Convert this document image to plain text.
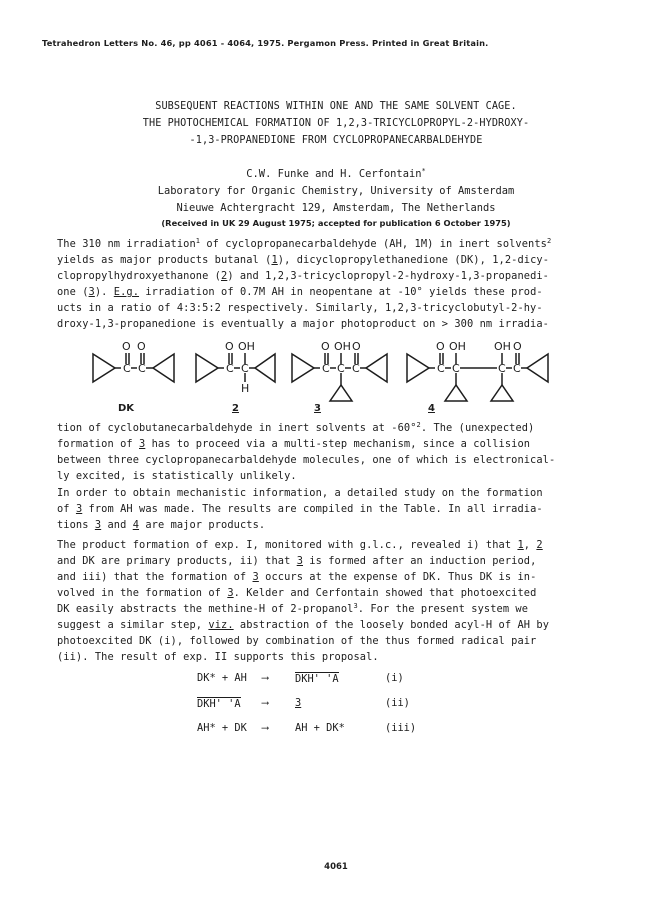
Tetrahedron Letters No. 46, pp 4061 - 4064, 1975. Pergamon Press. Printed in Great Britain.
SUBSEQUENT REACTIONS WITHIN ONE AND THE SAME SOLVENT CAGE.
THE PHOTOCHEMICAL FORMATION OF 1,2,3-TRICYCLOPROPYL-2-HYDROXY-
-1,3-PROPANEDIONE FROM CYCLOPROPANECARBALDEHYDE
C.W. Funke and H. Cerfontain*
Laboratory for Organic Chemistry, University of Amsterdam
Nieuwe Achtergracht 129, Amsterdam, The Netherlands
(Received in UK 29 August 1975; accepted for publication 6 October 1975)
The 310 nm irradiation$^1$ of cyclopropanecarbaldehyde (AH, 1M) in inert solvents$^2$
yields as major products butanal (1), dicyclopropylethanedione (DK), 1,2-dicy-
clopropylhydroxyethanone (2) and 1,2,3-tricyclopropyl-2-hydroxy-1,3-propanedi-
one (3). E.g. irradiation of 0.7M AH in neopentane at -10° yields these prod-
ucts in a ratio of 4:3:5:2 respectively. Similarly, 1,2,3-tricyclobutyl-2-hy-
droxy-1,3-propanedione is eventually a major photoproduct on > 300 nm irradia-
C C
O O
DK
C C
O OH
H
2
C C C
O OH O
3
C C	C C
O OH	OH O
4
tion of cyclobutanecarbaldehyde in inert solvents at -60°$^2$. The (unexpected)
formation of 3 has to proceed via a multi-step mechanism, since a collision
between three cyclopropanecarbaldehyde molecules, one of which is electronical-
ly excited, is statistically unlikely.
In order to obtain mechanistic information, a detailed study on the formation
of 3 from AH was made. The results are compiled in the Table. In all irradia-
tions 3 and 4 are major products.
The product formation of exp. I, monitored with g.l.c., revealed i) that 1, 2
and DK are primary products, ii) that 3 is formed after an induction period,
and iii) that the formation of 3 occurs at the expense of DK. Thus DK is in-
volved in the formation of 3. Kelder and Cerfontain showed that photoexcited
DK easily abstracts the methine-H of 2-propanol$^3$. For the present system we
suggest a similar step, viz. abstraction of the loosely bonded acyl-H of AH by
photoexcited DK (i), followed by combination of the thus formed radical pair
(ii). The result of exp. II supports this proposal.
DK* + AH ⟶	DKH' 'A	(i)
DKH' 'A ⟶	3	(ii)
AH* + DK ⟶	AH + DK*	(iii)
4061
